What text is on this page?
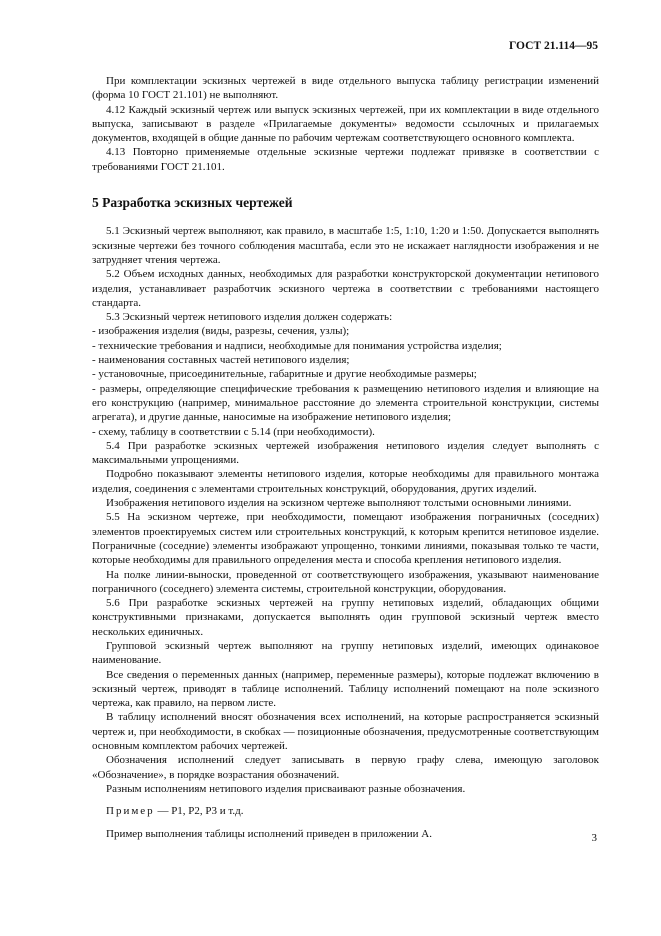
ГОСТ 21.114—95

При комплектации эскизных чертежей в виде отдельного выпуска таблицу регистрации изменений (форма 10 ГОСТ 21.101) не выполняют.

4.12 Каждый эскизный чертеж или выпуск эскизных чертежей, при их комплектации в виде отдельного выпуска, записывают в разделе «Прилагаемые документы» ведомости ссылочных и прилагаемых документов, входящей в общие данные по рабочим чертежам соответствующего основного комплекта.

4.13 Повторно применяемые отдельные эскизные чертежи подлежат привязке в соответствии с требованиями ГОСТ 21.101.

5 Разработка эскизных чертежей

5.1 Эскизный чертеж выполняют, как правило, в масштабе 1:5, 1:10, 1:20 и 1:50. Допускается выполнять эскизные чертежи без точного соблюдения масштаба, если это не искажает наглядности изображения и не затрудняет чтения чертежа.

5.2 Объем исходных данных, необходимых для разработки конструкторской документации нетипового изделия, устанавливает разработчик эскизного чертежа в соответствии с требованиями настоящего стандарта.

5.3 Эскизный чертеж нетипового изделия должен содержать:

- изображения изделия (виды, разрезы, сечения, узлы);

- технические требования и надписи, необходимые для понимания устройства изделия;

- наименования составных частей нетипового изделия;

- установочные, присоединительные, габаритные и другие необходимые размеры;

- размеры, определяющие специфические требования к размещению нетипового изделия и влияющие на его конструкцию (например, минимальное расстояние до элемента строительной конструкции, системы агрегата), и другие данные, наносимые на изображение нетипового изделия;

- схему, таблицу в соответствии с 5.14 (при необходимости).

5.4 При разработке эскизных чертежей изображения нетипового изделия следует выполнять с максимальными упрощениями.

Подробно показывают элементы нетипового изделия, которые необходимы для правильного монтажа изделия, соединения с элементами строительных конструкций, оборудования, других изделий.

Изображения нетипового изделия на эскизном чертеже выполняют толстыми основными линиями.

5.5 На эскизном чертеже, при необходимости, помещают изображения пограничных (соседних) элементов проектируемых систем или строительных конструкций, к которым крепится нетиповое изделие. Пограничные (соседние) элементы изображают упрощенно, тонкими линиями, показывая только те части, которые необходимы для правильного определения места и способа крепления нетипового изделия.

На полке линии-выноски, проведенной от соответствующего изображения, указывают наименование пограничного (соседнего) элемента системы, строительной конструкции, оборудования.

5.6 При разработке эскизных чертежей на группу нетиповых изделий, обладающих общими конструктивными признаками, допускается выполнять один групповой эскизный чертеж вместо нескольких единичных.

Групповой эскизный чертеж выполняют на группу нетиповых изделий, имеющих одинаковое наименование.

Все сведения о переменных данных (например, переменные размеры), которые подлежат включению в эскизный чертеж, приводят в таблице исполнений. Таблицу исполнений помещают на поле эскизного чертежа, как правило, на первом листе.

В таблицу исполнений вносят обозначения всех исполнений, на которые распространяется эскизный чертеж и, при необходимости, в скобках — позиционные обозначения, предусмотренные соответствующим основным комплектом рабочих чертежей.

Обозначения исполнений следует записывать в первую графу слева, имеющую заголовок «Обозначение», в порядке возрастания обозначений.

Разным исполнениям нетипового изделия присваивают разные обозначения.

Пример — P1, P2, P3 и т.д.

Пример выполнения таблицы исполнений приведен в приложении А.	3
